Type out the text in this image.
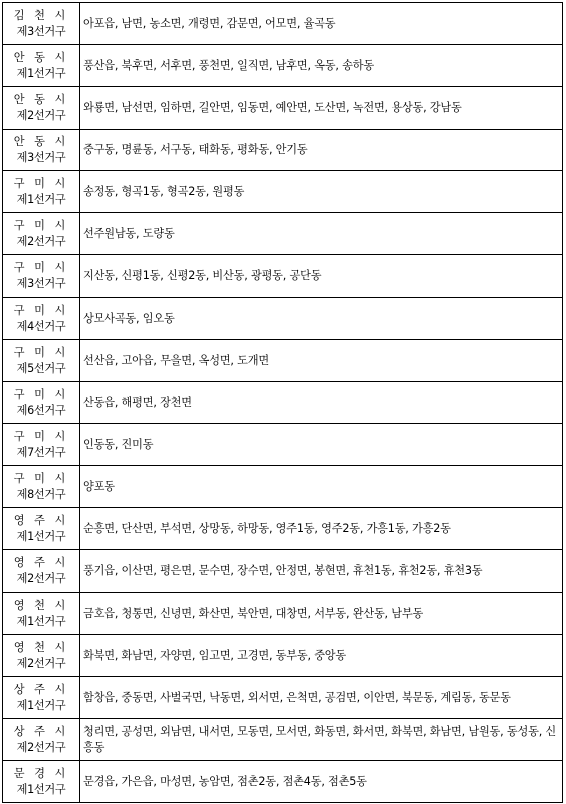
김 천 시
제3선거구	아포읍, 남면, 농소면, 개령면, 감문면, 어모면, 율곡동

안 동 시
제1선거구	풍산읍, 북후면, 서후면, 풍천면, 일직면, 남후면, 옥동, 송하동

안 동 시
제2선거구	와룡면, 남선면, 임하면, 길안면, 임동면, 예안면, 도산면, 녹전면, 용상동, 강남동

안 동 시
제3선거구	중구동, 명륜동, 서구동, 태화동, 평화동, 안기동

구 미 시
제1선거구	송정동, 형곡1동, 형곡2동, 원평동

구 미 시
제2선거구	선주원남동, 도량동

구 미 시
제3선거구	지산동, 신평1동, 신평2동, 비산동, 광평동, 공단동

구 미 시
제4선거구	상모사곡동, 임오동

구 미 시
제5선거구	선산읍, 고아읍, 무을면, 옥성면, 도개면

구 미 시
제6선거구	산동읍, 해평면, 장천면

구 미 시
제7선거구	인동동, 진미동

구 미 시
제8선거구	양포동

영 주 시
제1선거구	순흥면, 단산면, 부석면, 상망동, 하망동, 영주1동, 영주2동, 가흥1동, 가흥2동

영 주 시
제2선거구	풍기읍, 이산면, 평은면, 문수면, 장수면, 안정면, 봉현면, 휴천1동, 휴천2동, 휴천3동

영 천 시
제1선거구	금호읍, 청통면, 신녕면, 화산면, 북안면, 대창면, 서부동, 완산동, 남부동

영 천 시
제2선거구	화북면, 화남면, 자양면, 임고면, 고경면, 동부동, 중앙동

상 주 시
제1선거구	함창읍, 중동면, 사벌국면, 낙동면, 외서면, 은척면, 공검면, 이안면, 북문동, 계림동, 동문동

상 주 시
제2선거구	청리면, 공성면, 외남면, 내서면, 모동면, 모서면, 화동면, 화서면, 화북면, 화남면, 남원동, 동성동, 신흥동

문 경 시
제1선거구	문경읍, 가은읍, 마성면, 농암면, 점촌2동, 점촌4동, 점촌5동
